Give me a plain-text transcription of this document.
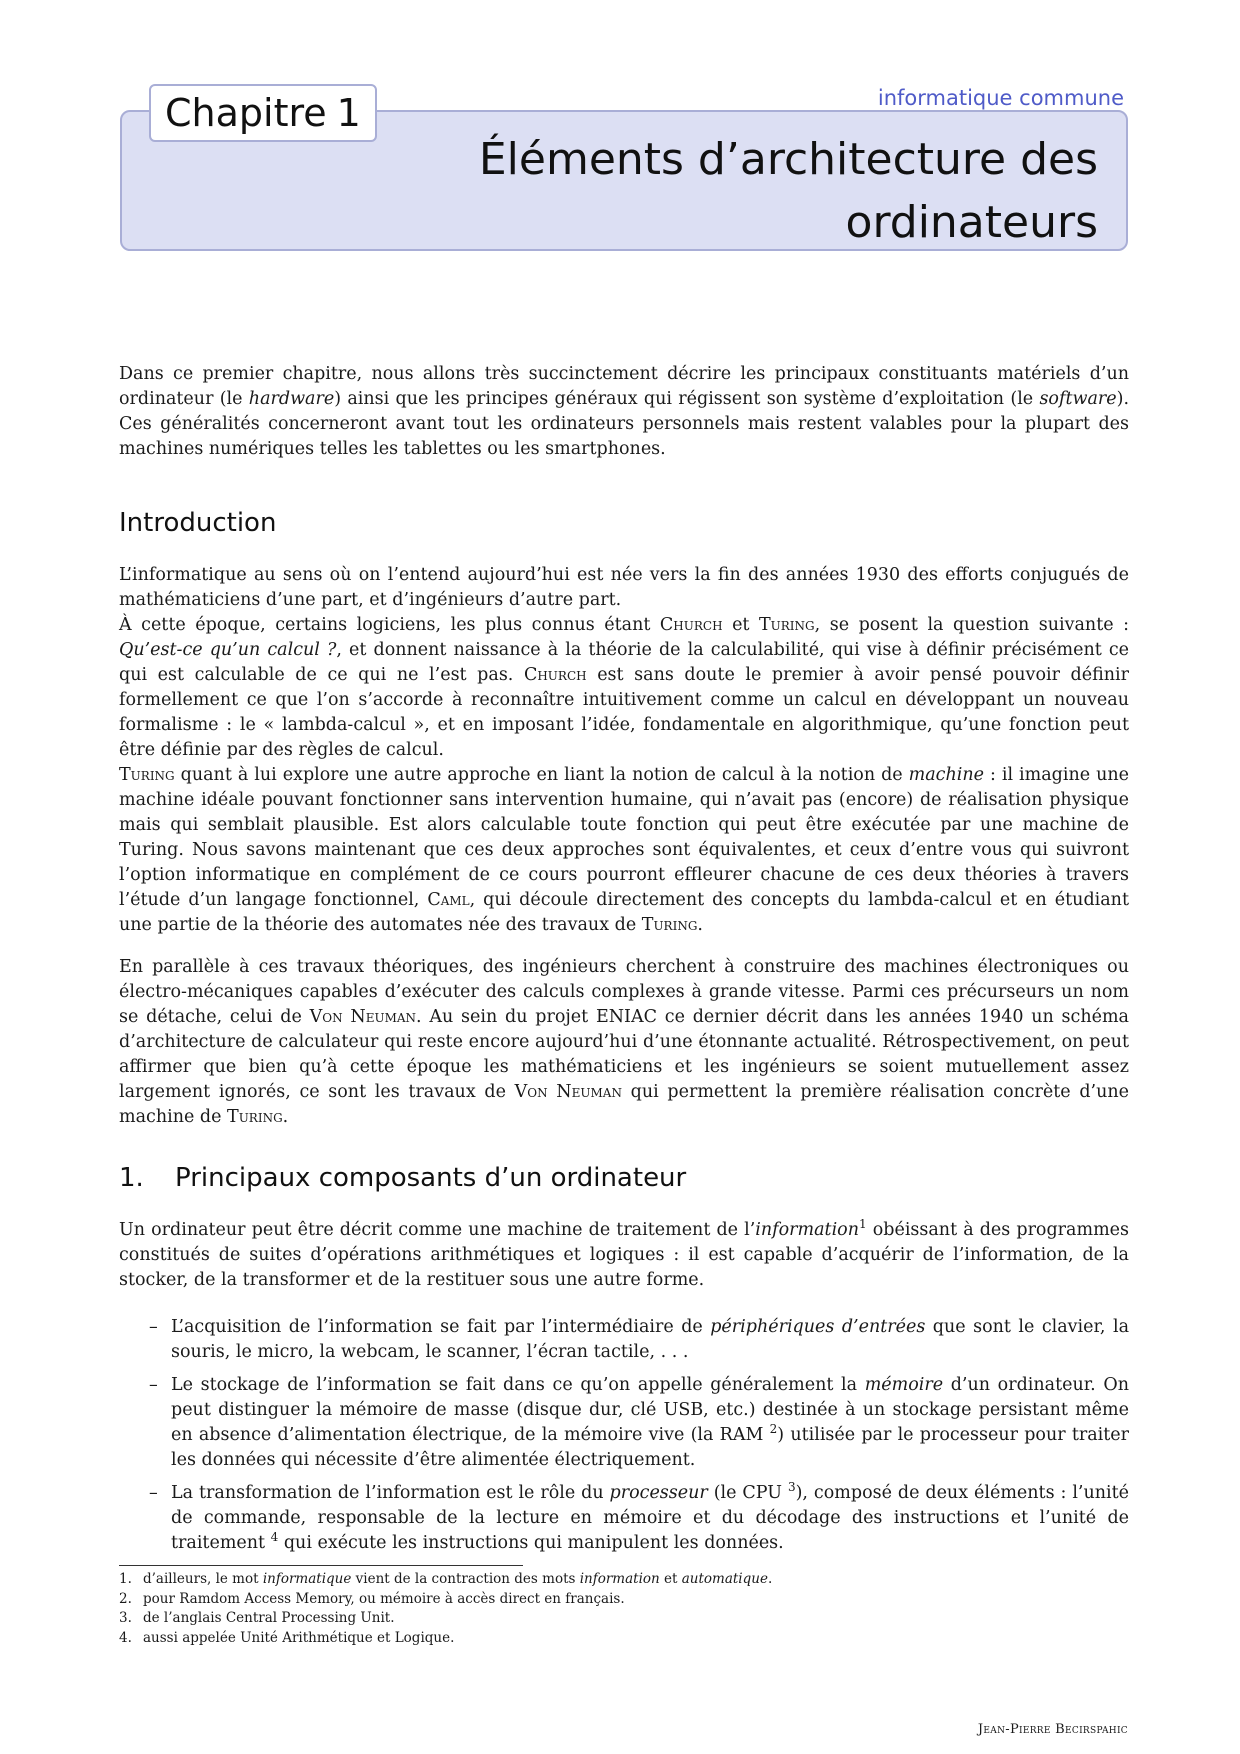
Chapitre 1	informatique commune
Éléments d’architecture des
ordinateurs

Dans ce premier chapitre, nous allons très succinctement décrire les principaux constituants matériels d’un ordinateur (le hardware) ainsi que les principes généraux qui régissent son système d’exploitation (le software). Ces généralités concerneront avant tout les ordinateurs personnels mais restent valables pour la plupart des machines numériques telles les tablettes ou les smartphones.

Introduction

L’informatique au sens où on l’entend aujourd’hui est née vers la fin des années 1930 des efforts conjugués de mathématiciens d’une part, et d’ingénieurs d’autre part.
À cette époque, certains logiciens, les plus connus étant Church et Turing, se posent la question suivante : Qu’est-ce qu’un calcul ?, et donnent naissance à la théorie de la calculabilité, qui vise à définir précisément ce qui est calculable de ce qui ne l’est pas. Church est sans doute le premier à avoir pensé pouvoir définir formellement ce que l’on s’accorde à reconnaître intuitivement comme un calcul en développant un nouveau formalisme : le « lambda-calcul », et en imposant l’idée, fondamentale en algorithmique, qu’une fonction peut être définie par des règles de calcul.
Turing quant à lui explore une autre approche en liant la notion de calcul à la notion de machine : il imagine une machine idéale pouvant fonctionner sans intervention humaine, qui n’avait pas (encore) de réalisation physique mais qui semblait plausible. Est alors calculable toute fonction qui peut être exécutée par une machine de Turing. Nous savons maintenant que ces deux approches sont équivalentes, et ceux d’entre vous qui suivront l’option informatique en complément de ce cours pourront effleurer chacune de ces deux théories à travers l’étude d’un langage fonctionnel, Caml, qui découle directement des concepts du lambda-calcul et en étudiant une partie de la théorie des automates née des travaux de Turing.

En parallèle à ces travaux théoriques, des ingénieurs cherchent à construire des machines électroniques ou électro-mécaniques capables d’exécuter des calculs complexes à grande vitesse. Parmi ces précurseurs un nom se détache, celui de Von Neuman. Au sein du projet ENIAC ce dernier décrit dans les années 1940 un schéma d’architecture de calculateur qui reste encore aujourd’hui d’une étonnante actualité. Rétrospectivement, on peut affirmer que bien qu’à cette époque les mathématiciens et les ingénieurs se soient mutuellement assez largement ignorés, ce sont les travaux de Von Neuman qui permettent la première réalisation concrète d’une machine de Turing.

1. Principaux composants d’un ordinateur

Un ordinateur peut être décrit comme une machine de traitement de l’information$^1$ obéissant à des programmes constitués de suites d’opérations arithmétiques et logiques : il est capable d’acquérir de l’information, de la stocker, de la transformer et de la restituer sous une autre forme.

– L’acquisition de l’information se fait par l’intermédiaire de périphériques d’entrées que sont le clavier, la souris, le micro, la webcam, le scanner, l’écran tactile, . . .
– Le stockage de l’information se fait dans ce qu’on appelle généralement la mémoire d’un ordinateur. On peut distinguer la mémoire de masse (disque dur, clé USB, etc.) destinée à un stockage persistant même en absence d’alimentation électrique, de la mémoire vive (la RAM $^2$) utilisée par le processeur pour traiter les données qui nécessite d’être alimentée électriquement.
– La transformation de l’information est le rôle du processeur (le CPU $^3$), composé de deux éléments : l’unité de commande, responsable de la lecture en mémoire et du décodage des instructions et l’unité de traitement $^4$ qui exécute les instructions qui manipulent les données.
1. d’ailleurs, le mot informatique vient de la contraction des mots information et automatique.
2. pour Ramdom Access Memory, ou mémoire à accès direct en français.
3. de l’anglais Central Processing Unit.
4. aussi appelée Unité Arithmétique et Logique.
Jean-Pierre Becirspahic
